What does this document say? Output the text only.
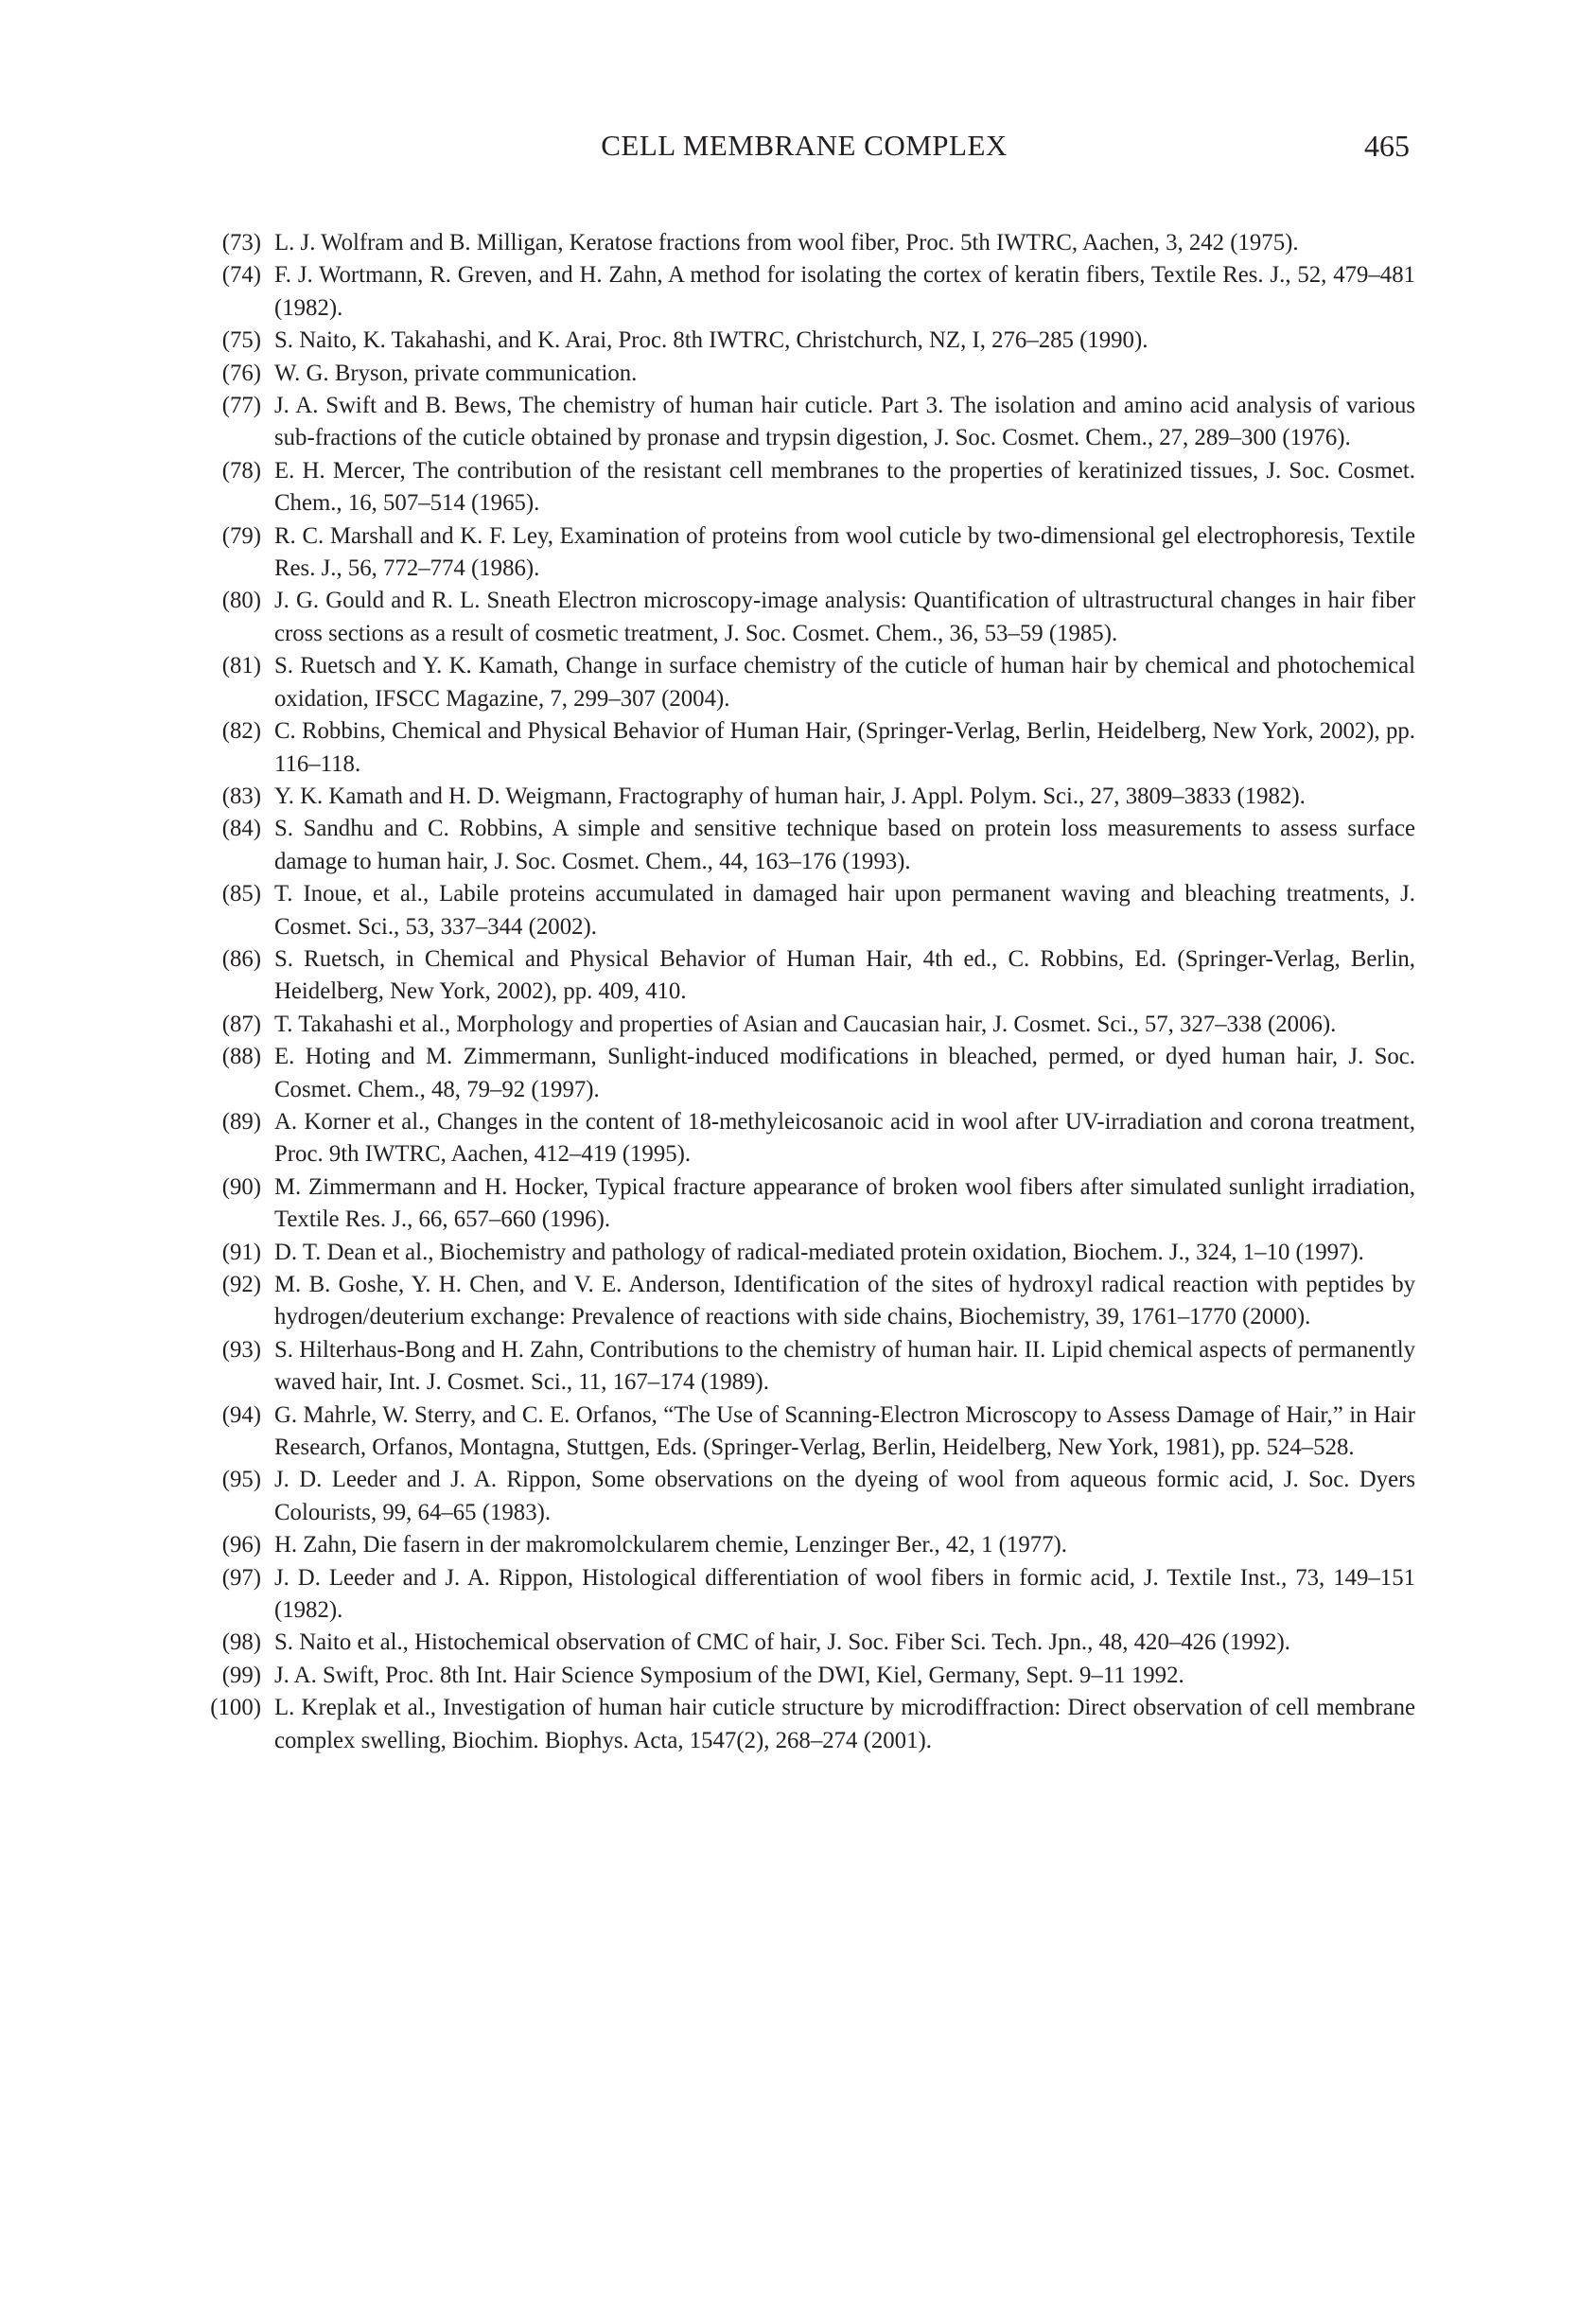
CELL MEMBRANE COMPLEX	465
(73) L. J. Wolfram and B. Milligan, Keratose fractions from wool fiber, Proc. 5th IWTRC, Aachen, 3, 242 (1975).
(74) F. J. Wortmann, R. Greven, and H. Zahn, A method for isolating the cortex of keratin fibers, Textile Res. J., 52, 479–481 (1982).
(75) S. Naito, K. Takahashi, and K. Arai, Proc. 8th IWTRC, Christchurch, NZ, I, 276–285 (1990).
(76) W. G. Bryson, private communication.
(77) J. A. Swift and B. Bews, The chemistry of human hair cuticle. Part 3. The isolation and amino acid analysis of various sub-fractions of the cuticle obtained by pronase and trypsin digestion, J. Soc. Cosmet. Chem., 27, 289–300 (1976).
(78) E. H. Mercer, The contribution of the resistant cell membranes to the properties of keratinized tissues, J. Soc. Cosmet. Chem., 16, 507–514 (1965).
(79) R. C. Marshall and K. F. Ley, Examination of proteins from wool cuticle by two-dimensional gel electrophoresis, Textile Res. J., 56, 772–774 (1986).
(80) J. G. Gould and R. L. Sneath Electron microscopy-image analysis: Quantification of ultrastructural changes in hair fiber cross sections as a result of cosmetic treatment, J. Soc. Cosmet. Chem., 36, 53–59 (1985).
(81) S. Ruetsch and Y. K. Kamath, Change in surface chemistry of the cuticle of human hair by chemical and photochemical oxidation, IFSCC Magazine, 7, 299–307 (2004).
(82) C. Robbins, Chemical and Physical Behavior of Human Hair, (Springer-Verlag, Berlin, Heidelberg, New York, 2002), pp. 116–118.
(83) Y. K. Kamath and H. D. Weigmann, Fractography of human hair, J. Appl. Polym. Sci., 27, 3809–3833 (1982).
(84) S. Sandhu and C. Robbins, A simple and sensitive technique based on protein loss measurements to assess surface damage to human hair, J. Soc. Cosmet. Chem., 44, 163–176 (1993).
(85) T. Inoue, et al., Labile proteins accumulated in damaged hair upon permanent waving and bleaching treatments, J. Cosmet. Sci., 53, 337–344 (2002).
(86) S. Ruetsch, in Chemical and Physical Behavior of Human Hair, 4th ed., C. Robbins, Ed. (Springer-Verlag, Berlin, Heidelberg, New York, 2002), pp. 409, 410.
(87) T. Takahashi et al., Morphology and properties of Asian and Caucasian hair, J. Cosmet. Sci., 57, 327–338 (2006).
(88) E. Hoting and M. Zimmermann, Sunlight-induced modifications in bleached, permed, or dyed human hair, J. Soc. Cosmet. Chem., 48, 79–92 (1997).
(89) A. Korner et al., Changes in the content of 18-methyleicosanoic acid in wool after UV-irradiation and corona treatment, Proc. 9th IWTRC, Aachen, 412–419 (1995).
(90) M. Zimmermann and H. Hocker, Typical fracture appearance of broken wool fibers after simulated sunlight irradiation, Textile Res. J., 66, 657–660 (1996).
(91) D. T. Dean et al., Biochemistry and pathology of radical-mediated protein oxidation, Biochem. J., 324, 1–10 (1997).
(92) M. B. Goshe, Y. H. Chen, and V. E. Anderson, Identification of the sites of hydroxyl radical reaction with peptides by hydrogen/deuterium exchange: Prevalence of reactions with side chains, Biochemistry, 39, 1761–1770 (2000).
(93) S. Hilterhaus-Bong and H. Zahn, Contributions to the chemistry of human hair. II. Lipid chemical aspects of permanently waved hair, Int. J. Cosmet. Sci., 11, 167–174 (1989).
(94) G. Mahrle, W. Sterry, and C. E. Orfanos, “The Use of Scanning-Electron Microscopy to Assess Damage of Hair,” in Hair Research, Orfanos, Montagna, Stuttgen, Eds. (Springer-Verlag, Berlin, Heidelberg, New York, 1981), pp. 524–528.
(95) J. D. Leeder and J. A. Rippon, Some observations on the dyeing of wool from aqueous formic acid, J. Soc. Dyers Colourists, 99, 64–65 (1983).
(96) H. Zahn, Die fasern in der makromolckularem chemie, Lenzinger Ber., 42, 1 (1977).
(97) J. D. Leeder and J. A. Rippon, Histological differentiation of wool fibers in formic acid, J. Textile Inst., 73, 149–151 (1982).
(98) S. Naito et al., Histochemical observation of CMC of hair, J. Soc. Fiber Sci. Tech. Jpn., 48, 420–426 (1992).
(99) J. A. Swift, Proc. 8th Int. Hair Science Symposium of the DWI, Kiel, Germany, Sept. 9–11 1992.
(100) L. Kreplak et al., Investigation of human hair cuticle structure by microdiffraction: Direct observation of cell membrane complex swelling, Biochim. Biophys. Acta, 1547(2), 268–274 (2001).
